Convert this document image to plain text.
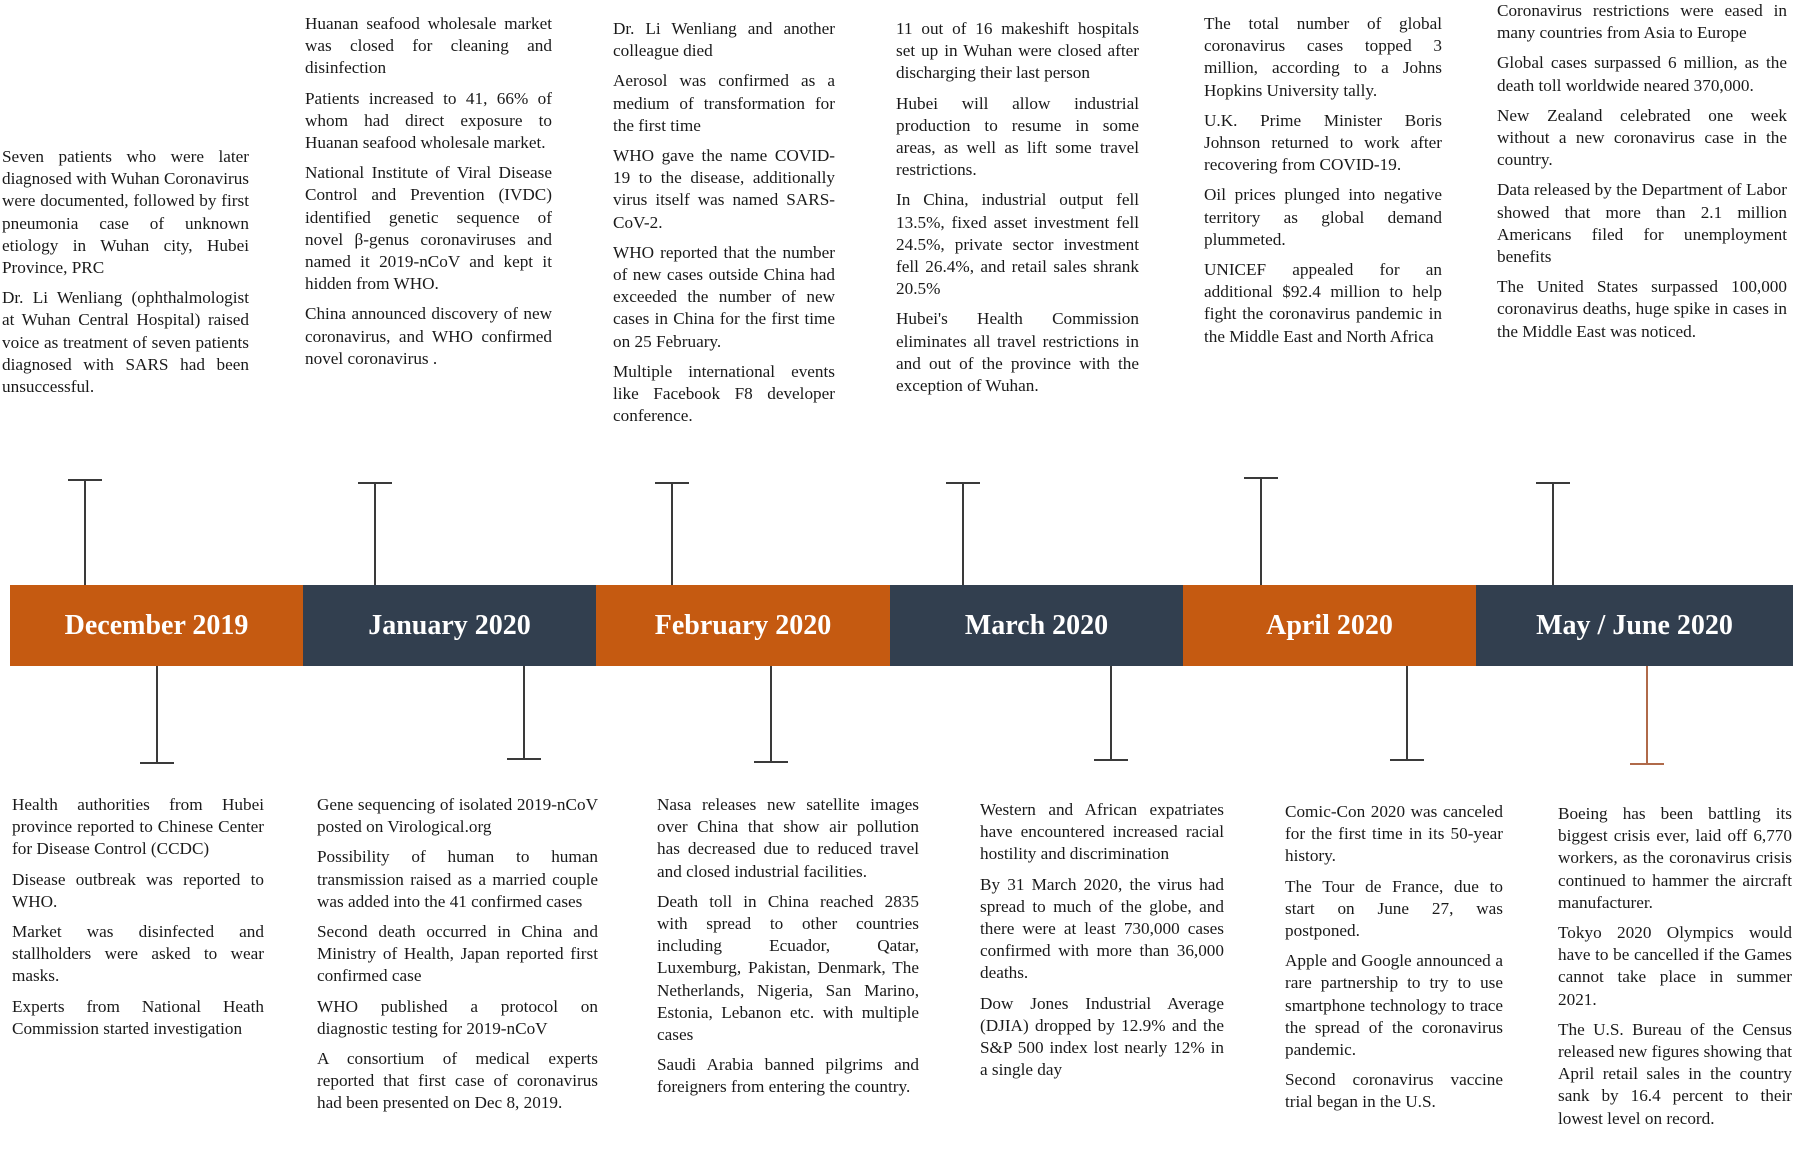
December 2019	January 2020	February 2020	March 2020	April 2020	May / June 2020

Seven patients who were later diagnosed with Wuhan Coronavirus were documented, followed by first pneumonia case of unknown etiology in Wuhan city, Hubei Province, PRC

Dr. Li Wenliang (ophthalmologist at Wuhan Central Hospital) raised voice as treatment of seven patients diagnosed with SARS had been unsuccessful.

Huanan seafood wholesale market was closed for cleaning and disinfection

Patients increased to 41, 66% of whom had direct exposure to Huanan seafood wholesale market.

National Institute of Viral Disease Control and Prevention (IVDC) identified genetic sequence of novel β-genus coronaviruses and named it 2019-nCoV and kept it hidden from WHO.

China announced discovery of new coronavirus, and WHO confirmed novel coronavirus .

Dr. Li Wenliang and another colleague died

Aerosol was confirmed as a medium of transformation for the first time

WHO gave the name COVID-19 to the disease, additionally virus itself was named SARS-CoV-2.

WHO reported that the number of new cases outside China had exceeded the number of new cases in China for the first time on 25 February.

Multiple international events like Facebook F8 developer conference.

11 out of 16 makeshift hospitals set up in Wuhan were closed after discharging their last person

Hubei will allow industrial production to resume in some areas, as well as lift some travel restrictions.

In China, industrial output fell 13.5%, fixed asset investment fell 24.5%, private sector investment fell 26.4%, and retail sales shrank 20.5%

Hubei's Health Commission eliminates all travel restrictions in and out of the province with the exception of Wuhan.

The total number of global coronavirus cases topped 3 million, according to a Johns Hopkins University tally.

U.K. Prime Minister Boris Johnson returned to work after recovering from COVID-19.

Oil prices plunged into negative territory as global demand plummeted.

UNICEF appealed for an additional $92.4 million to help fight the coronavirus pandemic in the Middle East and North Africa

Coronavirus restrictions were eased in many countries from Asia to Europe

Global cases surpassed 6 million, as the death toll worldwide neared 370,000.

New Zealand celebrated one week without a new coronavirus case in the country.

Data released by the Department of Labor showed that more than 2.1 million Americans filed for unemployment benefits

The United States surpassed 100,000 coronavirus deaths, huge spike in cases in the Middle East was noticed.

Health authorities from Hubei province reported to Chinese Center for Disease Control (CCDC)

Disease outbreak was reported to WHO.

Market was disinfected and stallholders were asked to wear masks.

Experts from National Heath Commission started investigation

Gene sequencing of isolated 2019-nCoV posted on Virological.org

Possibility of human to human transmission raised as a married couple was added into the 41 confirmed cases

Second death occurred in China and Ministry of Health, Japan reported first confirmed case

WHO published a protocol on diagnostic testing for 2019-nCoV

A consortium of medical experts reported that first case of coronavirus had been presented on Dec 8, 2019.

Nasa releases new satellite images over China that show air pollution has decreased due to reduced travel and closed industrial facilities.

Death toll in China reached 2835 with spread to other countries including Ecuador, Qatar, Luxemburg, Pakistan, Denmark, The Netherlands, Nigeria, San Marino, Estonia, Lebanon etc. with multiple cases

Saudi Arabia banned pilgrims and foreigners from entering the country.

Western and African expatriates have encountered increased racial hostility and discrimination

By 31 March 2020, the virus had spread to much of the globe, and there were at least 730,000 cases confirmed with more than 36,000 deaths.

Dow Jones Industrial Average (DJIA) dropped by 12.9% and the S&P 500 index lost nearly 12% in a single day

Comic-Con 2020 was canceled for the first time in its 50-year history.

The Tour de France, due to start on June 27, was postponed.

Apple and Google announced a rare partnership to try to use smartphone technology to trace the spread of the coronavirus pandemic.

Second coronavirus vaccine trial began in the U.S.

Boeing has been battling its biggest crisis ever, laid off 6,770 workers, as the coronavirus crisis continued to hammer the aircraft manufacturer.

Tokyo 2020 Olympics would have to be cancelled if the Games cannot take place in summer 2021.

The U.S. Bureau of the Census released new figures showing that April retail sales in the country sank by 16.4 percent to their lowest level on record.
